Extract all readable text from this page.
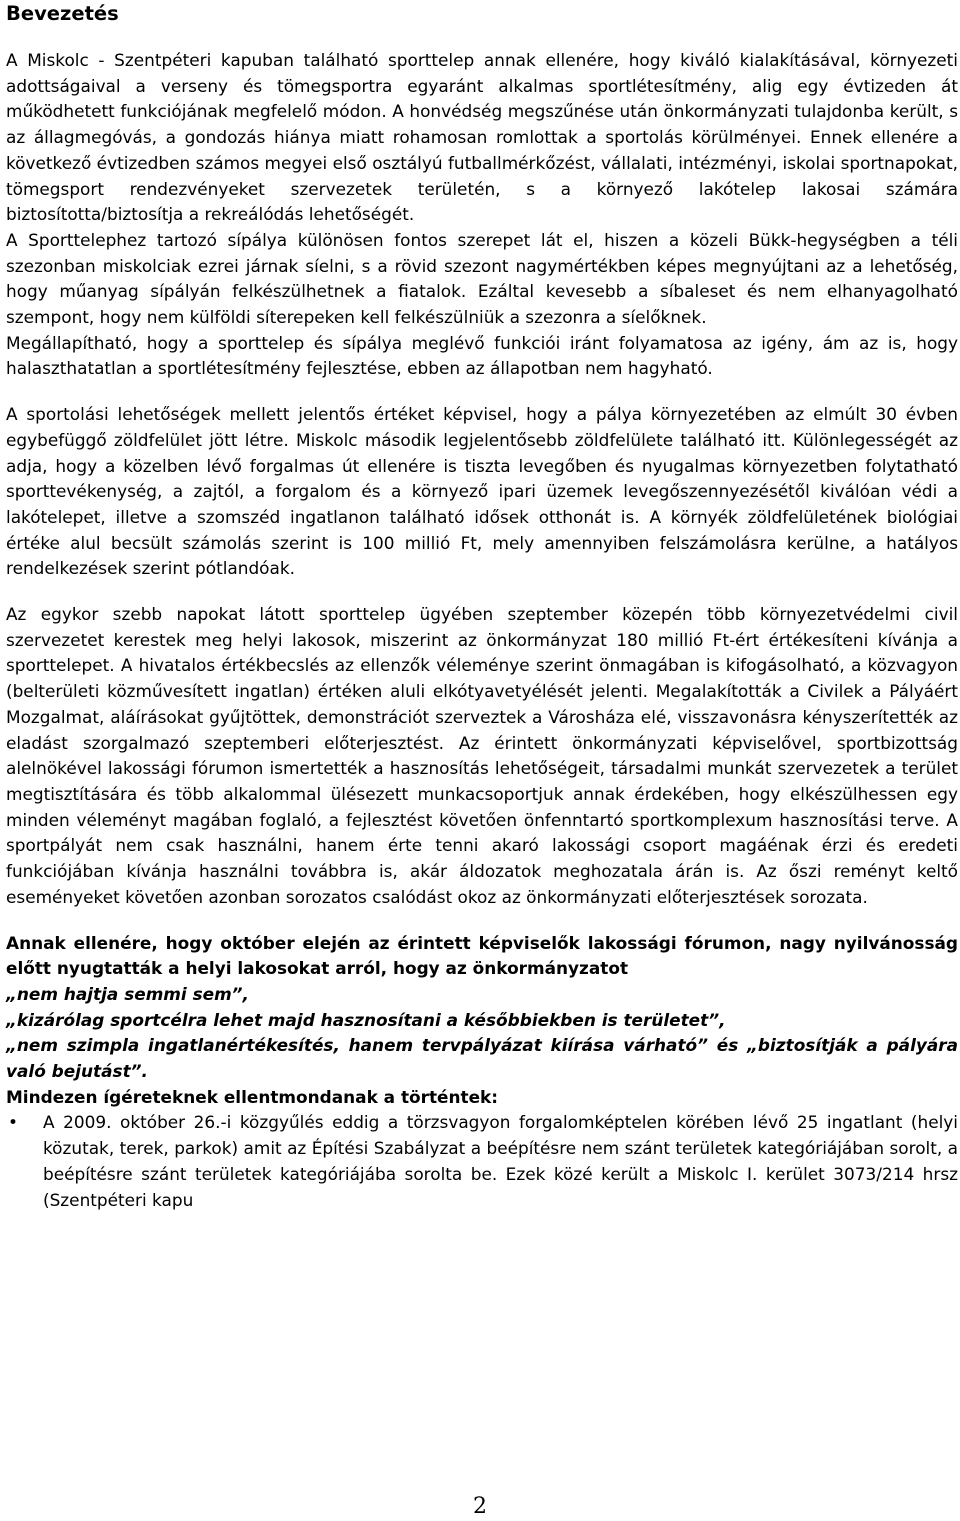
Bevezetés

A Miskolc - Szentpéteri kapuban található sporttelep annak ellenére, hogy kiváló kialakításával, környezeti adottságaival a verseny és tömegsportra egyaránt alkalmas sportlétesítmény, alig egy évtizeden át működhetett funkciójának megfelelő módon. A honvédség megszűnése után önkormányzati tulajdonba került, s az állagmegóvás, a gondozás hiánya miatt rohamosan romlottak a sportolás körülményei. Ennek ellenére a következő évtizedben számos megyei első osztályú futballmérkőzést, vállalati, intézményi, iskolai sportnapokat, tömegsport rendezvényeket szervezetek területén, s a környező lakótelep lakosai számára biztosította/biztosítja a rekreálódás lehetőségét.

A Sporttelephez tartozó sípálya különösen fontos szerepet lát el, hiszen a közeli Bükk-hegységben a téli szezonban miskolciak ezrei járnak síelni, s a rövid szezont nagymértékben képes megnyújtani az a lehetőség, hogy műanyag sípályán felkészülhetnek a fiatalok. Ezáltal kevesebb a síbaleset és nem elhanyagolható szempont, hogy nem külföldi síterepeken kell felkészülniük a szezonra a síelőknek.

Megállapítható, hogy a sporttelep és sípálya meglévő funkciói iránt folyamatosa az igény, ám az is, hogy halaszthatatlan a sportlétesítmény fejlesztése, ebben az állapotban nem hagyható.

A sportolási lehetőségek mellett jelentős értéket képvisel, hogy a pálya környezetében az elmúlt 30 évben egybefüggő zöldfelület jött létre. Miskolc második legjelentősebb zöldfelülete található itt. Különlegességét az adja, hogy a közelben lévő forgalmas út ellenére is tiszta levegőben és nyugalmas környezetben folytatható sporttevékenység, a zajtól, a forgalom és a környező ipari üzemek levegőszennyezésétől kiválóan védi a lakótelepet, illetve a szomszéd ingatlanon található idősek otthonát is. A környék zöldfelületének biológiai értéke alul becsült számolás szerint is 100 millió Ft, mely amennyiben felszámolásra kerülne, a hatályos rendelkezések szerint pótlandóak.

Az egykor szebb napokat látott sporttelep ügyében szeptember közepén több környezetvédelmi civil szervezetet kerestek meg helyi lakosok, miszerint az önkormányzat 180 millió Ft-ért értékesíteni kívánja a sporttelepet. A hivatalos értékbecslés az ellenzők véleménye szerint önmagában is kifogásolható, a közvagyon (belterületi közművesített ingatlan) értéken aluli elkótyavetyélését jelenti. Megalakították a Civilek a Pályáért Mozgalmat, aláírásokat gyűjtöttek, demonstrációt szerveztek a Városháza elé, visszavonásra kényszerítették az eladást szorgalmazó szeptemberi előterjesztést. Az érintett önkormányzati képviselővel, sportbizottság alelnökével lakossági fórumon ismertették a hasznosítás lehetőségeit, társadalmi munkát szervezetek a terület megtisztítására és több alkalommal ülésezett munkacsoportjuk annak érdekében, hogy elkészülhessen egy minden véleményt magában foglaló, a fejlesztést követően önfenntartó sportkomplexum hasznosítási terve. A sportpályát nem csak használni, hanem érte tenni akaró lakossági csoport magáénak érzi és eredeti funkciójában kívánja használni továbbra is, akár áldozatok meghozatala árán is. Az őszi reményt keltő eseményeket követően azonban sorozatos csalódást okoz az önkormányzati előterjesztések sorozata.

Annak ellenére, hogy október elején az érintett képviselők lakossági fórumon, nagy nyilvánosság előtt nyugtatták a helyi lakosokat arról, hogy az önkormányzatot

„nem hajtja semmi sem”,

„kizárólag sportcélra lehet majd hasznosítani a későbbiekben is területet”,

„nem szimpla ingatlanértékesítés, hanem tervpályázat kiírása várható” és „biztosítják a pályára való bejutást”.

Mindezen ígéreteknek ellentmondanak a történtek:

• A 2009. október 26.-i közgyűlés eddig a törzsvagyon forgalomképtelen körében lévő 25 ingatlant (helyi közutak, terek, parkok) amit az Építési Szabályzat a beépítésre nem szánt területek kategóriájában sorolt, a beépítésre szánt területek kategóriájába sorolta be. Ezek közé került a Miskolc I. kerület 3073/214 hrsz (Szentpéteri kapu
2
